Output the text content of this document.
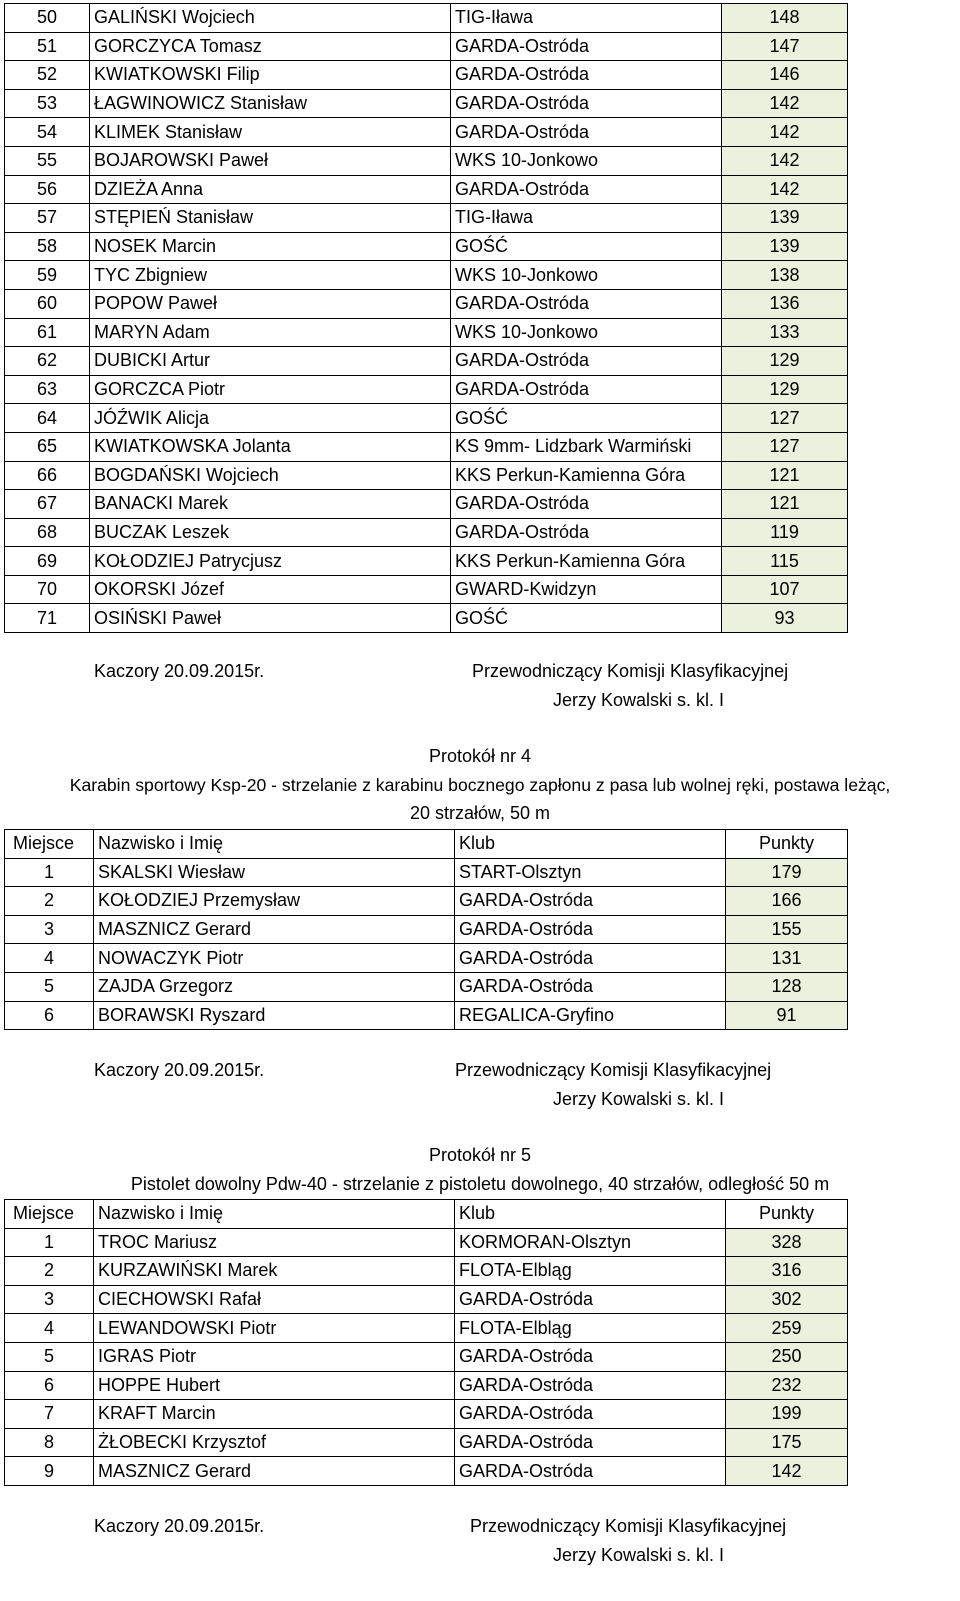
50	GALIŃSKI Wojciech	TIG-Iława	148
51	GORCZYCA Tomasz	GARDA-Ostróda	147
52	KWIATKOWSKI Filip	GARDA-Ostróda	146
53	ŁAGWINOWICZ Stanisław	GARDA-Ostróda	142
54	KLIMEK Stanisław	GARDA-Ostróda	142
55	BOJAROWSKI Paweł	WKS 10-Jonkowo	142
56	DZIEŻA Anna	GARDA-Ostróda	142
57	STĘPIEŃ Stanisław	TIG-Iława	139
58	NOSEK Marcin	GOŚĆ	139
59	TYC Zbigniew	WKS 10-Jonkowo	138
60	POPOW Paweł	GARDA-Ostróda	136
61	MARYN Adam	WKS 10-Jonkowo	133
62	DUBICKI Artur	GARDA-Ostróda	129
63	GORCZCA Piotr	GARDA-Ostróda	129
64	JÓŹWIK Alicja	GOŚĆ	127
65	KWIATKOWSKA Jolanta	KS 9mm- Lidzbark Warmiński	127
66	BOGDAŃSKI Wojciech	KKS Perkun-Kamienna Góra	121
67	BANACKI Marek	GARDA-Ostróda	121
68	BUCZAK Leszek	GARDA-Ostróda	119
69	KOŁODZIEJ Patrycjusz	KKS Perkun-Kamienna Góra	115
70	OKORSKI Józef	GWARD-Kwidzyn	107
71	OSIŃSKI Paweł	GOŚĆ	93
Kaczory 20.09.2015r.	Przewodniczący Komisji Klasyfikacyjnej
Jerzy Kowalski s. kl. I
Protokół nr 4
Karabin sportowy Ksp-20 - strzelanie z karabinu bocznego zapłonu z pasa lub wolnej ręki, postawa leżąc,
20 strzałów, 50 m
Miejsce	Nazwisko i Imię	Klub	Punkty
1	SKALSKI Wiesław	START-Olsztyn	179
2	KOŁODZIEJ Przemysław	GARDA-Ostróda	166
3	MASZNICZ Gerard	GARDA-Ostróda	155
4	NOWACZYK Piotr	GARDA-Ostróda	131
5	ZAJDA Grzegorz	GARDA-Ostróda	128
6	BORAWSKI Ryszard	REGALICA-Gryfino	91
Kaczory 20.09.2015r.	Przewodniczący Komisji Klasyfikacyjnej
Jerzy Kowalski s. kl. I
Protokół nr 5
Pistolet dowolny Pdw-40 - strzelanie z pistoletu dowolnego, 40 strzałów, odległość 50 m
Miejsce	Nazwisko i Imię	Klub	Punkty
1	TROC Mariusz	KORMORAN-Olsztyn	328
2	KURZAWIŃSKI Marek	FLOTA-Elbląg	316
3	CIECHOWSKI Rafał	GARDA-Ostróda	302
4	LEWANDOWSKI Piotr	FLOTA-Elbląg	259
5	IGRAS Piotr	GARDA-Ostróda	250
6	HOPPE Hubert	GARDA-Ostróda	232
7	KRAFT Marcin	GARDA-Ostróda	199
8	ŻŁOBECKI Krzysztof	GARDA-Ostróda	175
9	MASZNICZ Gerard	GARDA-Ostróda	142
Kaczory 20.09.2015r.	Przewodniczący Komisji Klasyfikacyjnej
Jerzy Kowalski s. kl. I
